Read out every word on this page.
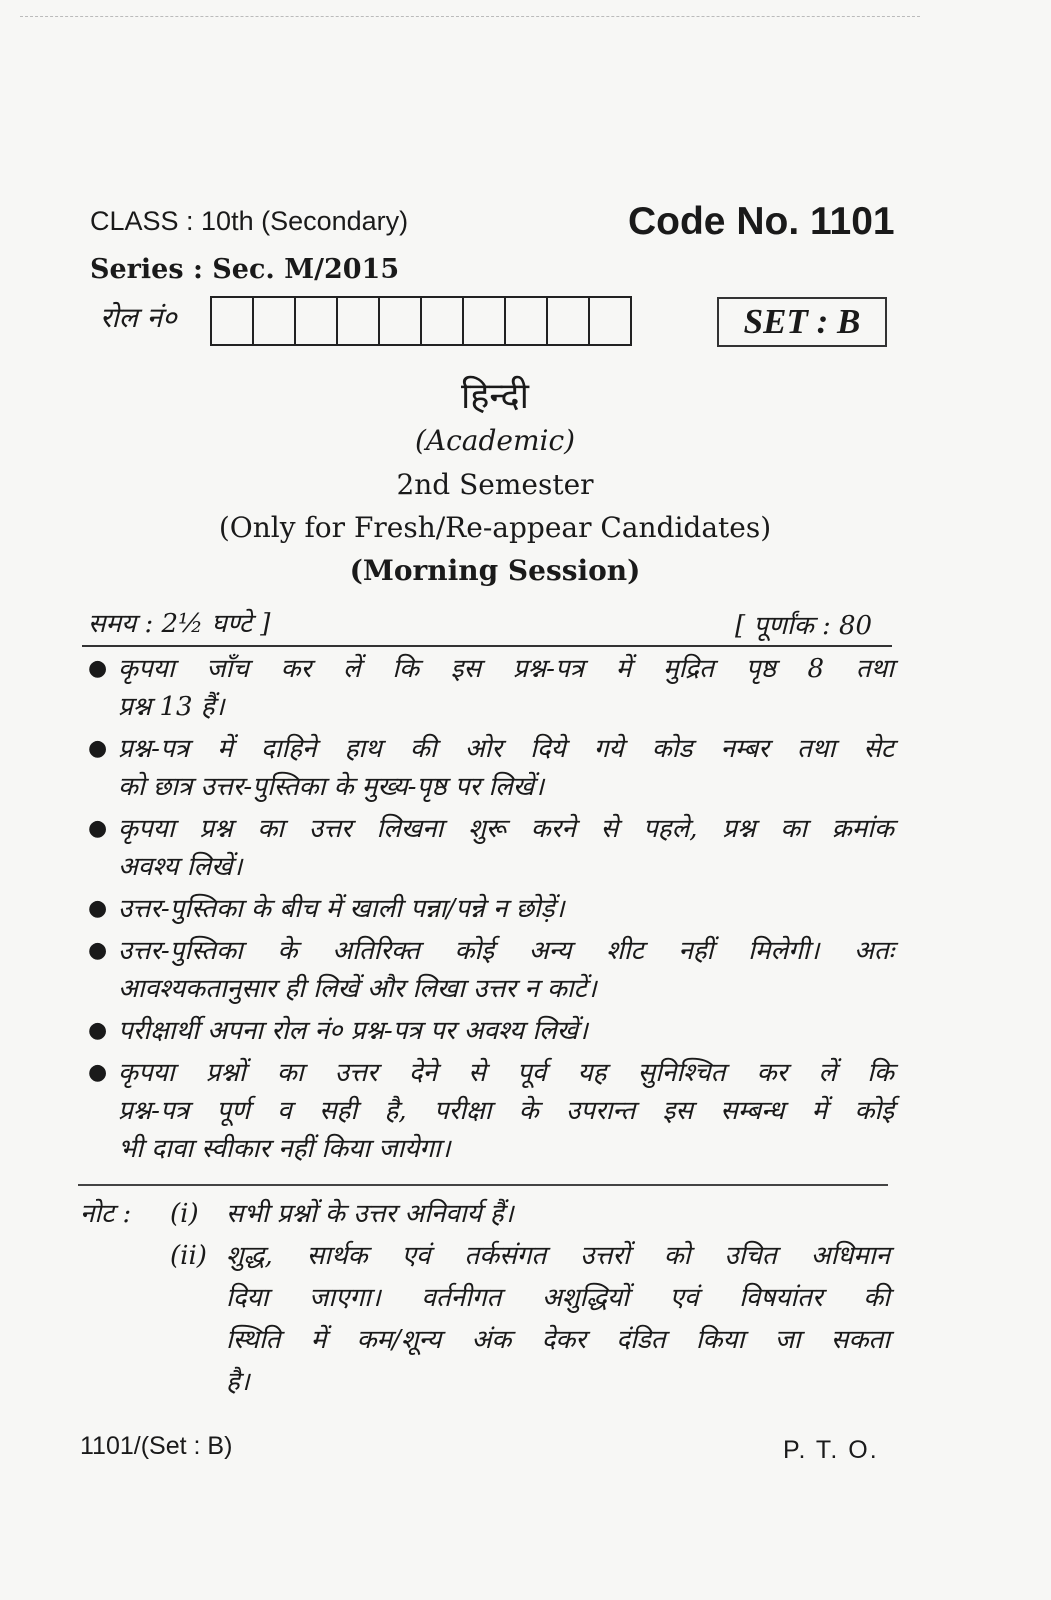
CLASS : 10th (Secondary)	Code No. 1101
Series : Sec. M/2015
रोल नं०	SET : B
हिन्दी
(Academic)
2nd Semester
(Only for Fresh/Re-appear Candidates)
(Morning Session)
समय : 2½ घण्टे ]	[ पूर्णांक : 80
● कृपया जाँच कर लें कि इस प्रश्न-पत्र में मुद्रित पृष्ठ 8 तथा
प्रश्न 13 हैं।
● प्रश्न-पत्र में दाहिने हाथ की ओर दिये गये कोड नम्बर तथा सेट
को छात्र उत्तर-पुस्तिका के मुख्य-पृष्ठ पर लिखें।
● कृपया प्रश्न का उत्तर लिखना शुरू करने से पहले, प्रश्न का क्रमांक
अवश्य लिखें।
● उत्तर-पुस्तिका के बीच में खाली पन्ना/पन्ने न छोड़ें।
● उत्तर-पुस्तिका के अतिरिक्त कोई अन्य शीट नहीं मिलेगी। अतः
आवश्यकतानुसार ही लिखें और लिखा उत्तर न काटें।
● परीक्षार्थी अपना रोल नं० प्रश्न-पत्र पर अवश्य लिखें।
● कृपया प्रश्नों का उत्तर देने से पूर्व यह सुनिश्चित कर लें कि
प्रश्न-पत्र पूर्ण व सही है, परीक्षा के उपरान्त इस सम्बन्ध में कोई
भी दावा स्वीकार नहीं किया जायेगा।
नोट :	(i)	सभी प्रश्नों के उत्तर अनिवार्य हैं।
(ii) शुद्ध, सार्थक एवं तर्कसंगत उत्तरों को उचित अधिमान
दिया जाएगा। वर्तनीगत अशुद्धियों एवं विषयांतर की
स्थिति में कम/शून्य अंक देकर दंडित किया जा सकता
है।
1101/(Set : B)	P. T. O.
